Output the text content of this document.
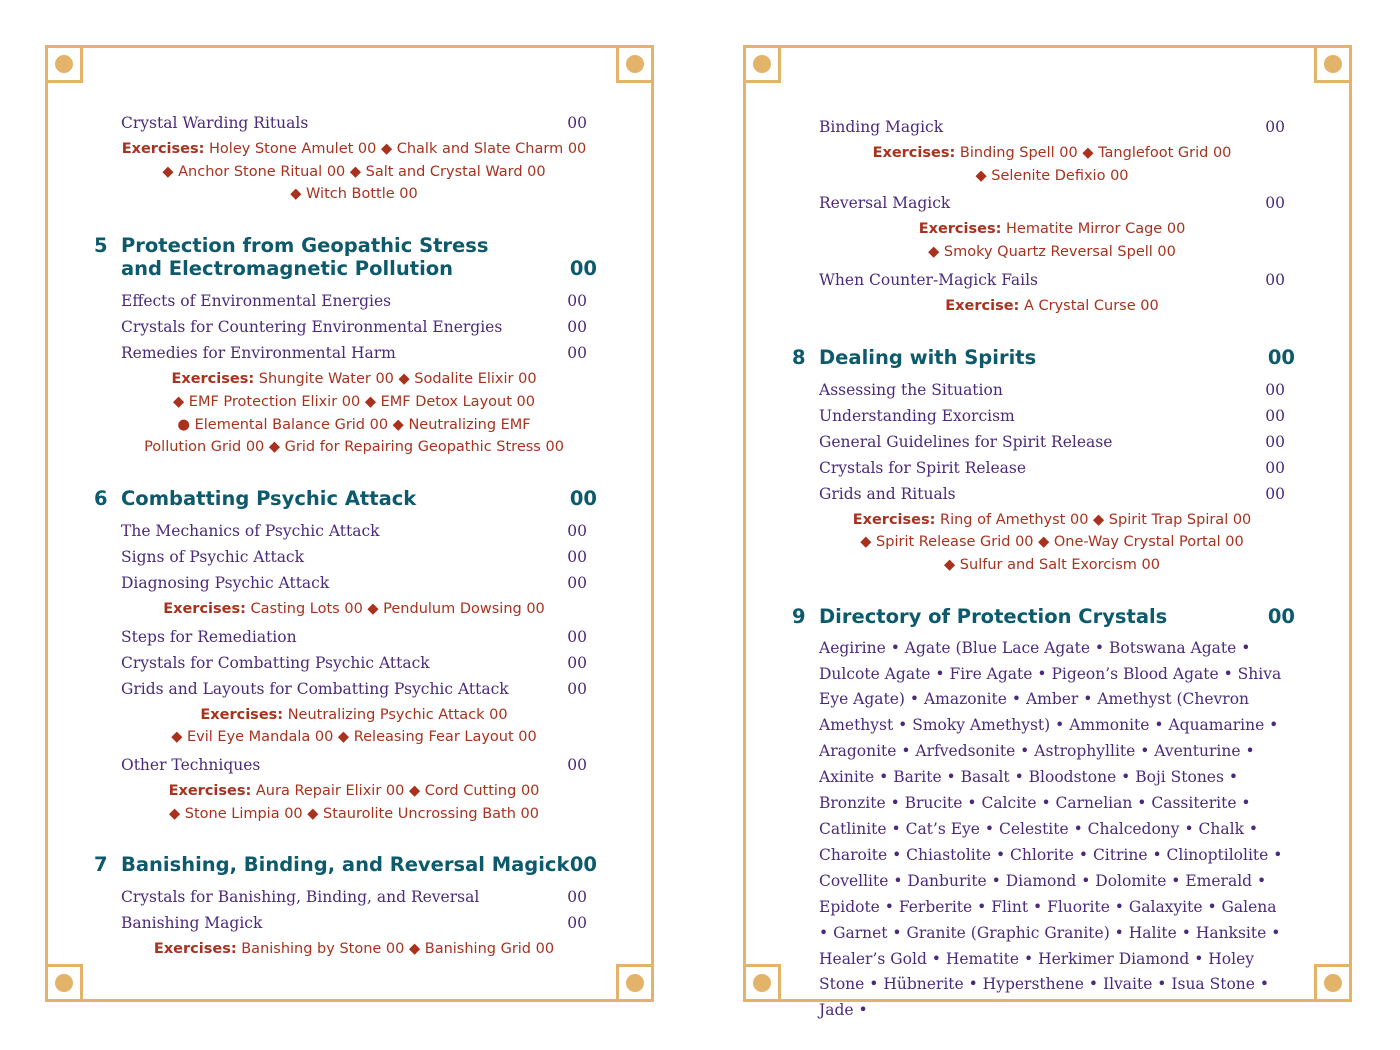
Crystal Warding Rituals	00
Exercises: Holey Stone Amulet 00 ◆ Chalk and Slate Charm 00
◆ Anchor Stone Ritual 00 ◆ Salt and Crystal Ward 00
◆ Witch Bottle 00
5 Protection from Geopathic Stress
and Electromagnetic Pollution	00
Effects of Environmental Energies	00
Crystals for Countering Environmental Energies	00
Remedies for Environmental Harm	00
Exercises: Shungite Water 00 ◆ Sodalite Elixir 00
◆ EMF Protection Elixir 00 ◆ EMF Detox Layout 00
● Elemental Balance Grid 00 ◆ Neutralizing EMF
Pollution Grid 00 ◆ Grid for Repairing Geopathic Stress 00
6 Combatting Psychic Attack	00
The Mechanics of Psychic Attack	00
Signs of Psychic Attack	00
Diagnosing Psychic Attack	00
Exercises: Casting Lots 00 ◆ Pendulum Dowsing 00
Steps for Remediation	00
Crystals for Combatting Psychic Attack	00
Grids and Layouts for Combatting Psychic Attack	00
Exercises: Neutralizing Psychic Attack 00
◆ Evil Eye Mandala 00 ◆ Releasing Fear Layout 00
Other Techniques	00
Exercises: Aura Repair Elixir 00 ◆ Cord Cutting 00
◆ Stone Limpia 00 ◆ Staurolite Uncrossing Bath 00
7 Banishing, Binding, and Reversal Magick 00
Crystals for Banishing, Binding, and Reversal	00
Banishing Magick	00
Exercises: Banishing by Stone 00 ◆ Banishing Grid 00
Binding Magick	00
Exercises: Binding Spell 00 ◆ Tanglefoot Grid 00
◆ Selenite Defixio 00
Reversal Magick	00
Exercises: Hematite Mirror Cage 00
◆ Smoky Quartz Reversal Spell 00
When Counter-Magick Fails	00
Exercise: A Crystal Curse 00
8 Dealing with Spirits	00
Assessing the Situation	00
Understanding Exorcism	00
General Guidelines for Spirit Release	00
Crystals for Spirit Release	00
Grids and Rituals	00
Exercises: Ring of Amethyst 00 ◆ Spirit Trap Spiral 00
◆ Spirit Release Grid 00 ◆ One-Way Crystal Portal 00
◆ Sulfur and Salt Exorcism 00
9 Directory of Protection Crystals	00
Aegirine • Agate (Blue Lace Agate • Botswana Agate • Dulcote Agate • Fire Agate • Pigeon’s Blood Agate • Shiva Eye Agate) • Amazonite • Amber • Amethyst (Chevron Amethyst • Smoky Amethyst) • Ammonite • Aquamarine • Aragonite • Arfvedsonite • Astrophyllite • Aventurine • Axinite • Barite • Basalt • Bloodstone • Boji Stones • Bronzite • Brucite • Calcite • Carnelian • Cassiterite • Catlinite • Cat’s Eye • Celestite • Chalcedony • Chalk • Charoite • Chiastolite • Chlorite • Citrine • Clinoptilolite • Covellite • Danburite • Diamond • Dolomite • Emerald • Epidote • Ferberite • Flint • Fluorite • Galaxyite • Galena • Garnet • Granite (Graphic Granite) • Halite • Hanksite • Healer’s Gold • Hematite • Herkimer Diamond • Holey Stone • Hübnerite • Hypersthene • Ilvaite • Isua Stone • Jade •
